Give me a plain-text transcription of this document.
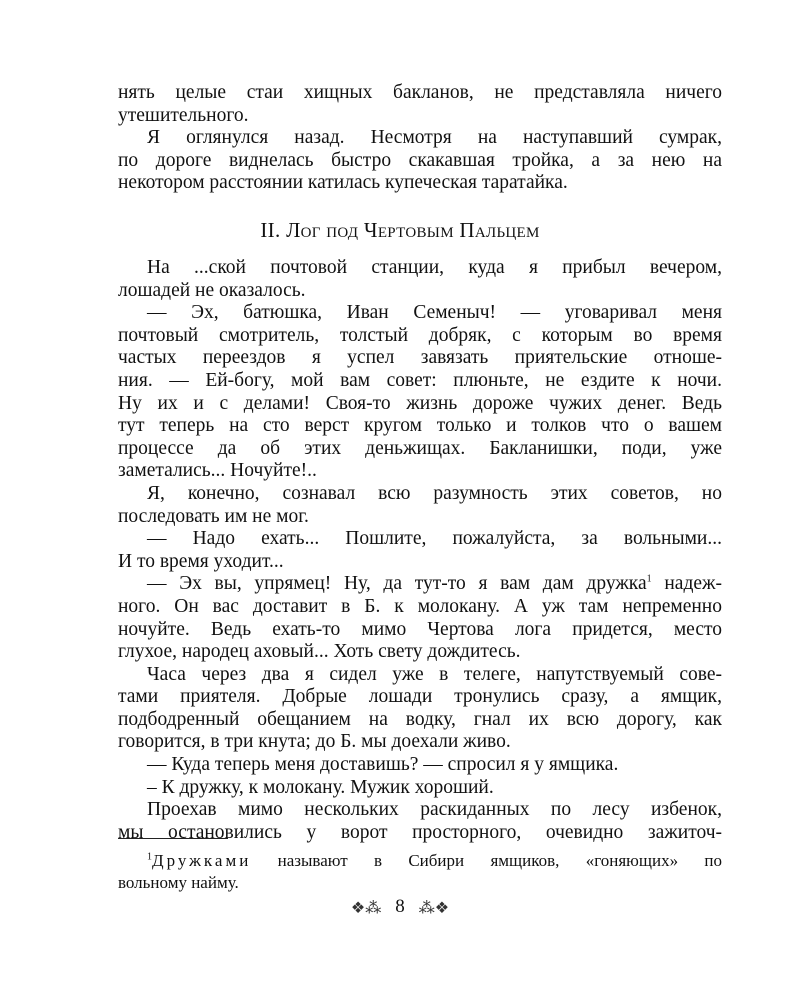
нять целые стаи хищных бакланов, не представляла ничего
утешительного.
Я оглянулся назад. Несмотря на наступавший сумрак,
по дороге виднелась быстро скакавшая тройка, а за нею на
некотором расстоянии катилась купеческая таратайка.
II. Лог под Чертовым Пальцем
На ...ской почтовой станции, куда я прибыл вечером,
лошадей не оказалось.
— Эх, батюшка, Иван Семеныч! — уговаривал меня
почтовый смотритель, толстый добряк, с которым во время
частых переездов я успел завязать приятельские отноше-
ния. — Ей-богу, мой вам совет: плюньте, не ездите к ночи.
Ну их и с делами! Своя-то жизнь дороже чужих денег. Ведь
тут теперь на сто верст кругом только и толков что о вашем
процессе да об этих деньжищах. Бакланишки, поди, уже
заметались... Ночуйте!..
Я, конечно, сознавал всю разумность этих советов, но
последовать им не мог.
— Надо ехать... Пошлите, пожалуйста, за вольными...
И то время уходит...
— Эх вы, упрямец! Ну, да тут-то я вам дам дружка$^1$ надеж-
ного. Он вас доставит в Б. к молокану. А уж там непременно
ночуйте. Ведь ехать-то мимо Чертова лога придется, место
глухое, народец аховый... Хоть свету дождитесь.
Часа через два я сидел уже в телеге, напутствуемый сове-
тами приятеля. Добрые лошади тронулись сразу, а ямщик,
подбодренный обещанием на водку, гнал их всю дорогу, как
говорится, в три кнута; до Б. мы доехали живо.
— Куда теперь меня доставишь? — спросил я у ямщика.
– К дружку, к молокану. Мужик хороший.
Проехав мимо нескольких раскиданных по лесу избенок,
мы остановились у ворот просторного, очевидно зажиточ-
$^1$Дружками называют в Сибири ямщиков, «гоняющих» по
вольному найму.
❖⁂ 8 ⁂❖
